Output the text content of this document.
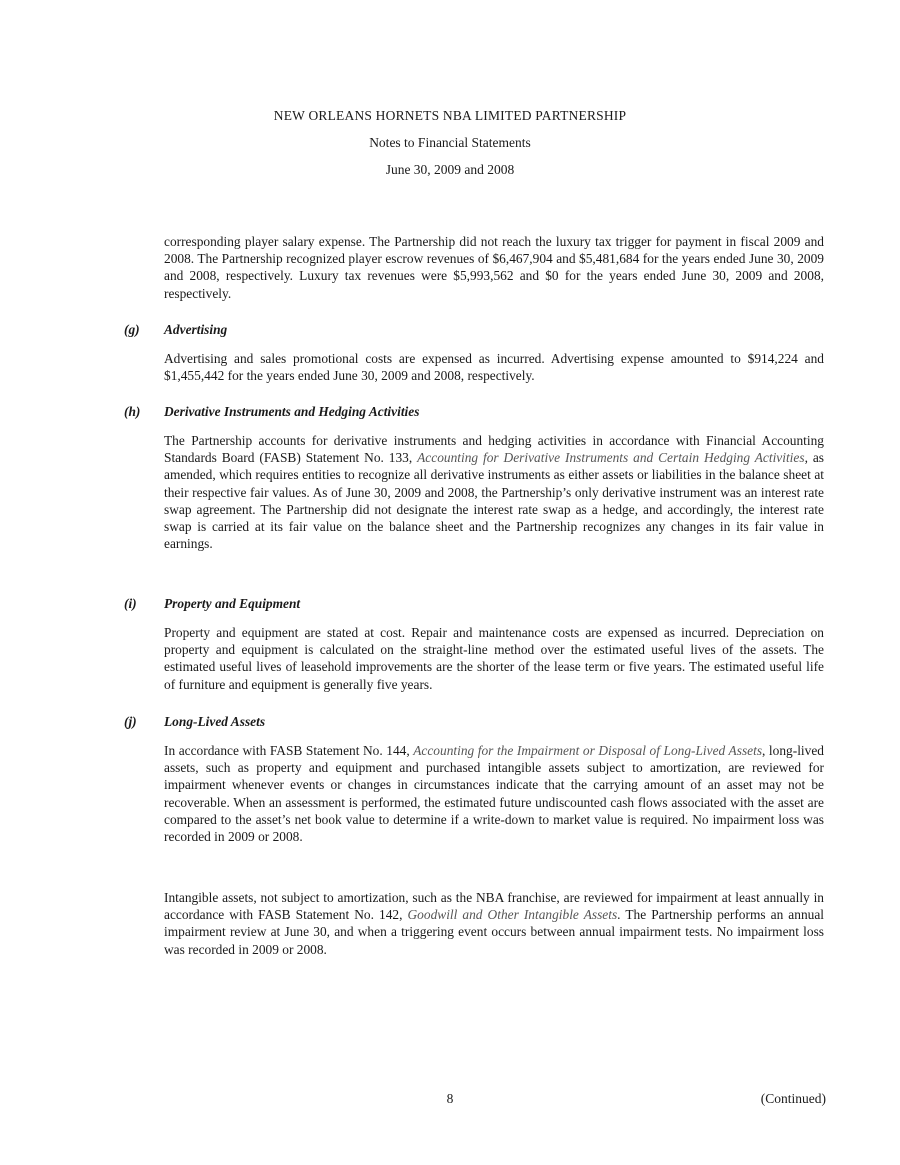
NEW ORLEANS HORNETS NBA LIMITED PARTNERSHIP
Notes to Financial Statements
June 30, 2009 and 2008

corresponding player salary expense. The Partnership did not reach the luxury tax trigger for payment in fiscal 2009 and 2008. The Partnership recognized player escrow revenues of $6,467,904 and $5,481,684 for the years ended June 30, 2009 and 2008, respectively. Luxury tax revenues were $5,993,562 and $0 for the years ended June 30, 2009 and 2008, respectively.

(g) Advertising

Advertising and sales promotional costs are expensed as incurred. Advertising expense amounted to $914,224 and $1,455,442 for the years ended June 30, 2009 and 2008, respectively.

(h) Derivative Instruments and Hedging Activities

The Partnership accounts for derivative instruments and hedging activities in accordance with Financial Accounting Standards Board (FASB) Statement No. 133, Accounting for Derivative Instruments and Certain Hedging Activities, as amended, which requires entities to recognize all derivative instruments as either assets or liabilities in the balance sheet at their respective fair values. As of June 30, 2009 and 2008, the Partnership’s only derivative instrument was an interest rate swap agreement. The Partnership did not designate the interest rate swap as a hedge, and accordingly, the interest rate swap is carried at its fair value on the balance sheet and the Partnership recognizes any changes in its fair value in earnings.

(i) Property and Equipment

Property and equipment are stated at cost. Repair and maintenance costs are expensed as incurred. Depreciation on property and equipment is calculated on the straight-line method over the estimated useful lives of the assets. The estimated useful lives of leasehold improvements are the shorter of the lease term or five years. The estimated useful life of furniture and equipment is generally five years.

(j) Long-Lived Assets

In accordance with FASB Statement No. 144, Accounting for the Impairment or Disposal of Long-Lived Assets, long-lived assets, such as property and equipment and purchased intangible assets subject to amortization, are reviewed for impairment whenever events or changes in circumstances indicate that the carrying amount of an asset may not be recoverable. When an assessment is performed, the estimated future undiscounted cash flows associated with the asset are compared to the asset’s net book value to determine if a write-down to market value is required. No impairment loss was recorded in 2009 or 2008.

Intangible assets, not subject to amortization, such as the NBA franchise, are reviewed for impairment at least annually in accordance with FASB Statement No. 142, Goodwill and Other Intangible Assets. The Partnership performs an annual impairment review at June 30, and when a triggering event occurs between annual impairment tests. No impairment loss was recorded in 2009 or 2008.

8	(Continued)
